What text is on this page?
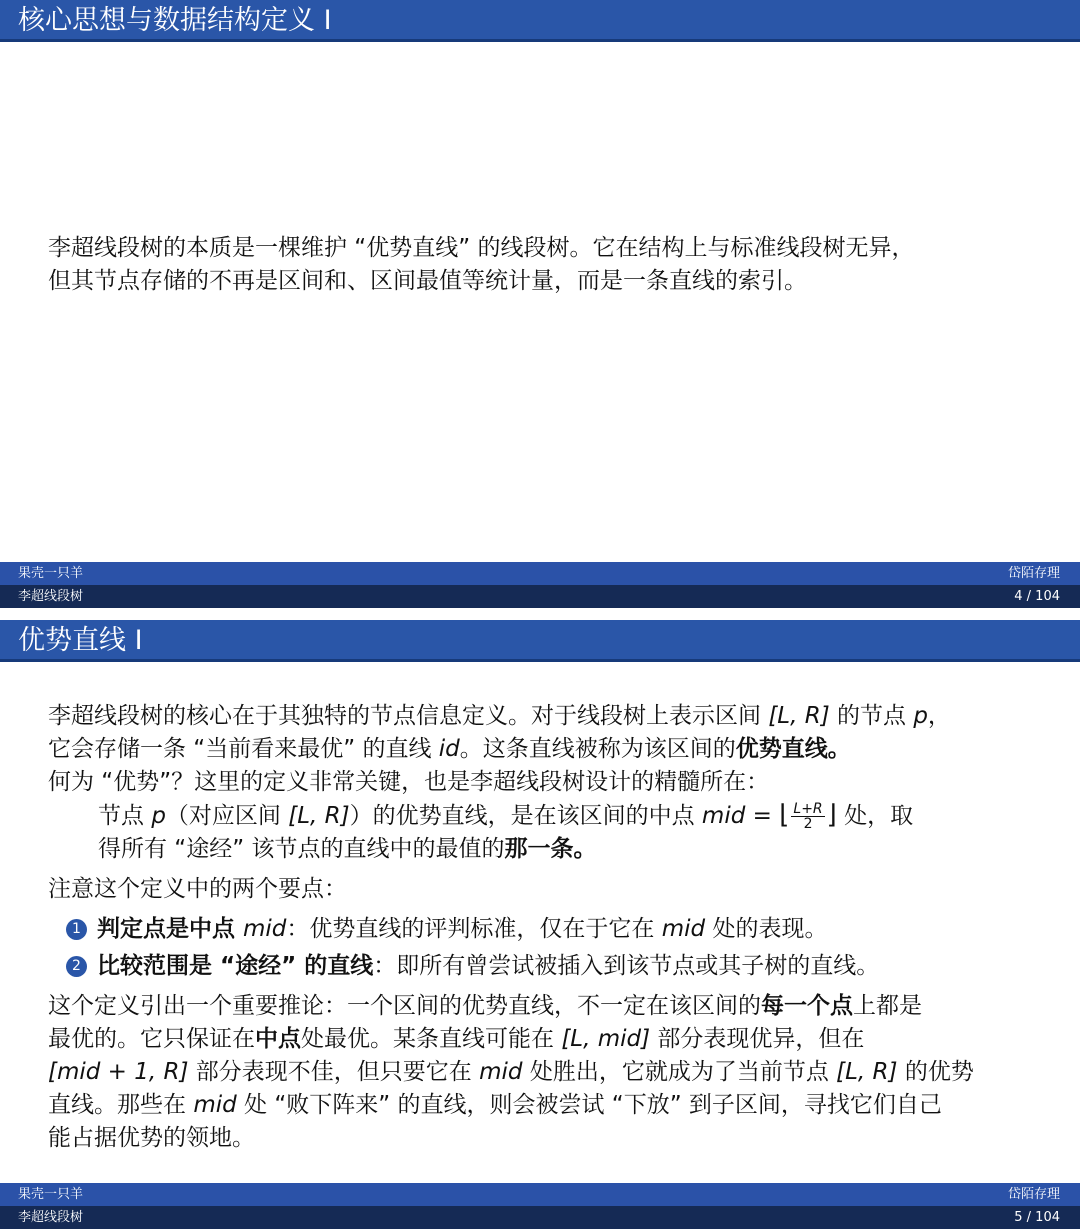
核心思想与数据结构定义 I

李超线段树的本质是一棵维护 “优势直线” 的线段树。它在结构上与标准线段树无异，
但其节点存储的不再是区间和、区间最值等统计量，而是一条直线的索引。

果壳一只羊	岱陌存理
李超线段树	4 / 104
优势直线 I

李超线段树的核心在于其独特的节点信息定义。对于线段树上表示区间 [L, R] 的节点 p，
它会存储一条 “当前看来最优” 的直线 id。这条直线被称为该区间的优势直线。

何为 “优势”？这里的定义非常关键，也是李超线段树设计的精髓所在：

节点 p（对应区间 [L, R]）的优势直线，是在该区间的中点 mid = ⌊ $\frac{L+R}{2}$ ⌋ 处，取
得所有 “途经” 该节点的直线中的最值的那一条。

注意这个定义中的两个要点：

1 判定点是中点 mid：优势直线的评判标准，仅在于它在 mid 处的表现。
2 比较范围是 “途经” 的直线：即所有曾尝试被插入到该节点或其子树的直线。

这个定义引出一个重要推论：一个区间的优势直线，不一定在该区间的每一个点上都是
最优的。它只保证在中点处最优。某条直线可能在 [L, mid] 部分表现优异，但在
[mid + 1, R] 部分表现不佳，但只要它在 mid 处胜出，它就成为了当前节点 [L, R] 的优势
直线。那些在 mid 处 “败下阵来” 的直线，则会被尝试 “下放” 到子区间，寻找它们自己
能占据优势的领地。

果壳一只羊	岱陌存理
李超线段树	5 / 104
